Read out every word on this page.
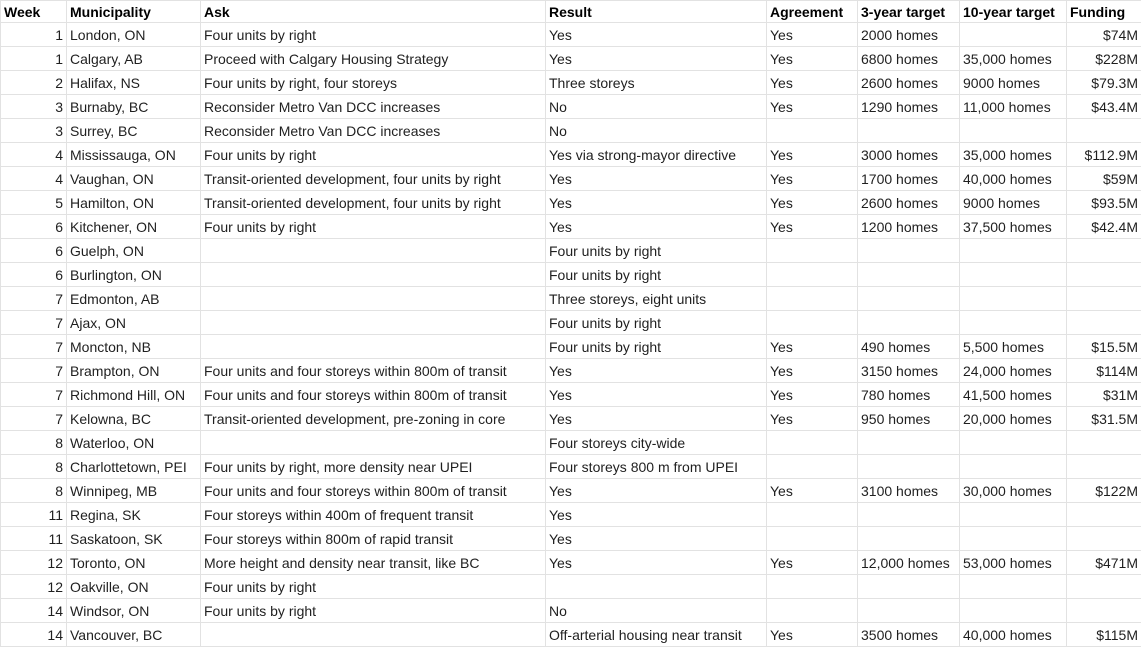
Week	Municipality	Ask	Result	Agreement	3-year target	10-year target	Funding
1	London, ON	Four units by right	Yes	Yes	2000 homes		$74M
1	Calgary, AB	Proceed with Calgary Housing Strategy	Yes	Yes	6800 homes	35,000 homes	$228M
2	Halifax, NS	Four units by right, four storeys	Three storeys	Yes	2600 homes	9000 homes	$79.3M
3	Burnaby, BC	Reconsider Metro Van DCC increases	No	Yes	1290 homes	11,000 homes	$43.4M
3	Surrey, BC	Reconsider Metro Van DCC increases	No				
4	Mississauga, ON	Four units by right	Yes via strong-mayor directive	Yes	3000 homes	35,000 homes	$112.9M
4	Vaughan, ON	Transit-oriented development, four units by right	Yes	Yes	1700 homes	40,000 homes	$59M
5	Hamilton, ON	Transit-oriented development, four units by right	Yes	Yes	2600 homes	9000 homes	$93.5M
6	Kitchener, ON	Four units by right	Yes	Yes	1200 homes	37,500 homes	$42.4M
6	Guelph, ON		Four units by right				
6	Burlington, ON		Four units by right				
7	Edmonton, AB		Three storeys, eight units				
7	Ajax, ON		Four units by right				
7	Moncton, NB		Four units by right	Yes	490 homes	5,500 homes	$15.5M
7	Brampton, ON	Four units and four storeys within 800m of transit	Yes	Yes	3150 homes	24,000 homes	$114M
7	Richmond Hill, ON	Four units and four storeys within 800m of transit	Yes	Yes	780 homes	41,500 homes	$31M
7	Kelowna, BC	Transit-oriented development, pre-zoning in core	Yes	Yes	950 homes	20,000 homes	$31.5M
8	Waterloo, ON		Four storeys city-wide				
8	Charlottetown, PEI	Four units by right, more density near UPEI	Four storeys 800 m from UPEI				
8	Winnipeg, MB	Four units and four storeys within 800m of transit	Yes	Yes	3100 homes	30,000 homes	$122M
11	Regina, SK	Four storeys within 400m of frequent transit	Yes				
11	Saskatoon, SK	Four storeys within 800m of rapid transit	Yes				
12	Toronto, ON	More height and density near transit, like BC	Yes	Yes	12,000 homes	53,000 homes	$471M
12	Oakville, ON	Four units by right					
14	Windsor, ON	Four units by right	No				
14	Vancouver, BC		Off-arterial housing near transit	Yes	3500 homes	40,000 homes	$115M
